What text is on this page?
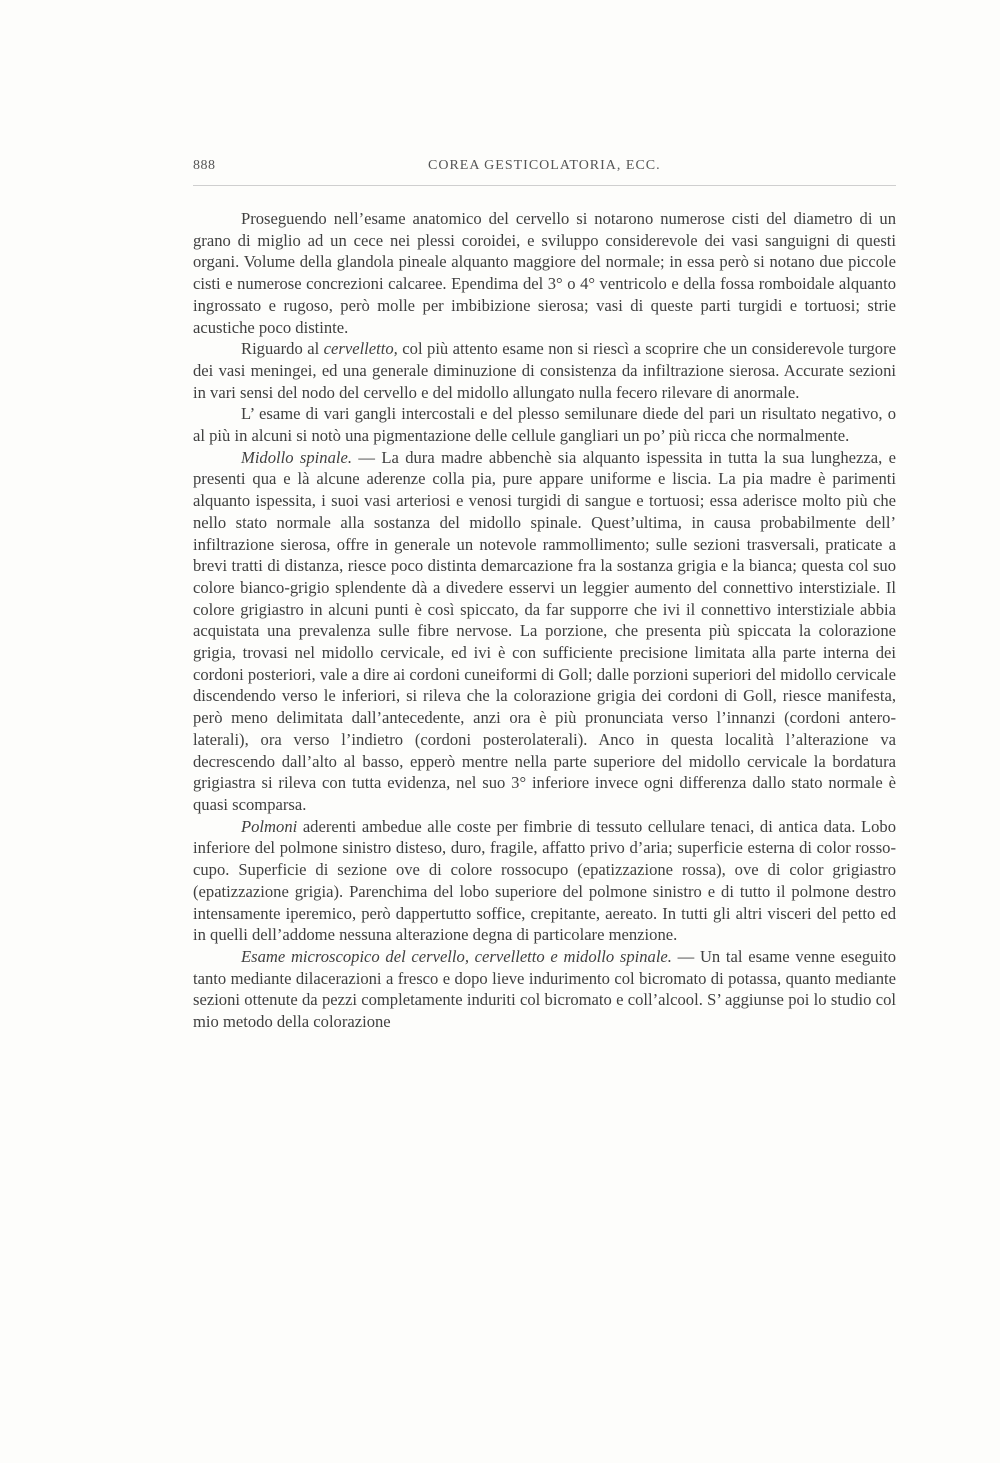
888	COREA GESTICOLATORIA, ECC.

Proseguendo nell’esame anatomico del cervello si notarono numerose cisti del diametro di un grano di miglio ad un cece nei plessi coroidei, e sviluppo considerevole dei vasi sanguigni di questi organi. Volume della glandola pineale alquanto maggiore del normale; in essa però si notano due piccole cisti e numerose concrezioni calcaree. Ependima del 3° o 4° ventricolo e della fossa romboidale alquanto ingrossato e rugoso, però molle per imbibizione sierosa; vasi di queste parti turgidi e tortuosi; strie acustiche poco distinte.

Riguardo al cervelletto, col più attento esame non si riescì a scoprire che un considerevole turgore dei vasi meningei, ed una generale diminuzione di consistenza da infiltrazione sierosa. Accurate sezioni in vari sensi del nodo del cervello e del midollo allungato nulla fecero rilevare di anormale.

L’ esame di vari gangli intercostali e del plesso semilunare diede del pari un risultato negativo, o al più in alcuni si notò una pigmentazione delle cellule gangliari un po’ più ricca che normalmente.

Midollo spinale. — La dura madre abbenchè sia alquanto ispessita in tutta la sua lunghezza, e presenti qua e là alcune aderenze colla pia, pure appare uniforme e liscia. La pia madre è parimenti alquanto ispessita, i suoi vasi arteriosi e venosi turgidi di sangue e tortuosi; essa aderisce molto più che nello stato normale alla sostanza del midollo spinale. Quest’ultima, in causa probabilmente dell’ infiltrazione sierosa, offre in generale un notevole rammollimento; sulle sezioni trasversali, praticate a brevi tratti di distanza, riesce poco distinta demarcazione fra la sostanza grigia e la bianca; questa col suo colore bianco-grigio splendente dà a divedere esservi un leggier aumento del connettivo interstiziale. Il colore grigiastro in alcuni punti è così spiccato, da far supporre che ivi il connettivo interstiziale abbia acquistata una prevalenza sulle fibre nervose. La porzione, che presenta più spiccata la colorazione grigia, trovasi nel midollo cervicale, ed ivi è con sufficiente precisione limitata alla parte interna dei cordoni posteriori, vale a dire ai cordoni cuneiformi di Goll; dalle porzioni superiori del midollo cervicale discendendo verso le inferiori, si rileva che la colorazione grigia dei cordoni di Goll, riesce manifesta, però meno delimitata dall’antecedente, anzi ora è più pronunciata verso l’innanzi (cordoni antero-laterali), ora verso l’indietro (cordoni posterolaterali). Anco in questa località l’alterazione va decrescendo dall’alto al basso, epperò mentre nella parte superiore del midollo cervicale la bordatura grigiastra si rileva con tutta evidenza, nel suo 3° inferiore invece ogni differenza dallo stato normale è quasi scomparsa.

Polmoni aderenti ambedue alle coste per fimbrie di tessuto cellulare tenaci, di antica data. Lobo inferiore del polmone sinistro disteso, duro, fragile, affatto privo d’aria; superficie esterna di color rosso-cupo. Superficie di sezione ove di colore rossocupo (epatizzazione rossa), ove di color grigiastro (epatizzazione grigia). Parenchima del lobo superiore del polmone sinistro e di tutto il polmone destro intensamente iperemico, però dappertutto soffice, crepitante, aereato. In tutti gli altri visceri del petto ed in quelli dell’addome nessuna alterazione degna di particolare menzione.

Esame microscopico del cervello, cervelletto e midollo spinale. — Un tal esame venne eseguito tanto mediante dilacerazioni a fresco e dopo lieve indurimento col bicromato di potassa, quanto mediante sezioni ottenute da pezzi completamente induriti col bicromato e coll’alcool. S’ aggiunse poi lo studio col mio metodo della colorazione
